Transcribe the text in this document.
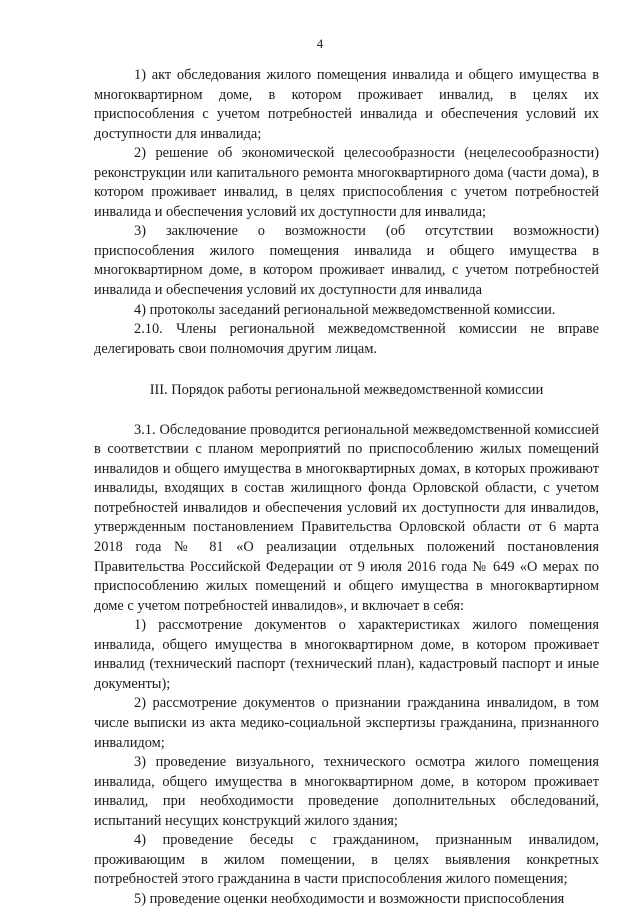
4

1) акт обследования жилого помещения инвалида и общего имущества в многоквартирном доме, в котором проживает инвалид, в целях их приспособления с учетом потребностей инвалида и обеспечения условий их доступности для инвалида;

2) решение об экономической целесообразности (нецелесообразности) реконструкции или капитального ремонта многоквартирного дома (части дома), в котором проживает инвалид, в целях приспособления с учетом потребностей инвалида и обеспечения условий их доступности для инвалида;

3) заключение о возможности (об отсутствии возможности) приспособления жилого помещения инвалида и общего имущества в многоквартирном доме, в котором проживает инвалид, с учетом потребностей инвалида и обеспечения условий их доступности для инвалида

4) протоколы заседаний региональной межведомственной комиссии.

2.10. Члены региональной межведомственной комиссии не вправе делегировать свои полномочия другим лицам.

III. Порядок работы региональной межведомственной комиссии

3.1. Обследование проводится региональной межведомственной комиссией в соответствии с планом мероприятий по приспособлению жилых помещений инвалидов и общего имущества в многоквартирных домах, в которых проживают инвалиды, входящих в состав жилищного фонда Орловской области, с учетом потребностей инвалидов и обеспечения условий их доступности для инвалидов, утвержденным постановлением Правительства Орловской области от 6 марта 2018 года № 81 «О реализации отдельных положений постановления Правительства Российской Федерации от 9 июля 2016 года № 649 «О мерах по приспособлению жилых помещений и общего имущества в многоквартирном доме с учетом потребностей инвалидов», и включает в себя:

1) рассмотрение документов о характеристиках жилого помещения инвалида, общего имущества в многоквартирном доме, в котором проживает инвалид (технический паспорт (технический план), кадастровый паспорт и иные документы);

2) рассмотрение документов о признании гражданина инвалидом, в том числе выписки из акта медико-социальной экспертизы гражданина, признанного инвалидом;

3) проведение визуального, технического осмотра жилого помещения инвалида, общего имущества в многоквартирном доме, в котором проживает инвалид, при необходимости проведение дополнительных обследований, испытаний несущих конструкций жилого здания;

4) проведение беседы с гражданином, признанным инвалидом, проживающим в жилом помещении, в целях выявления конкретных потребностей этого гражданина в части приспособления жилого помещения;

5) проведение оценки необходимости и возможности приспособления
